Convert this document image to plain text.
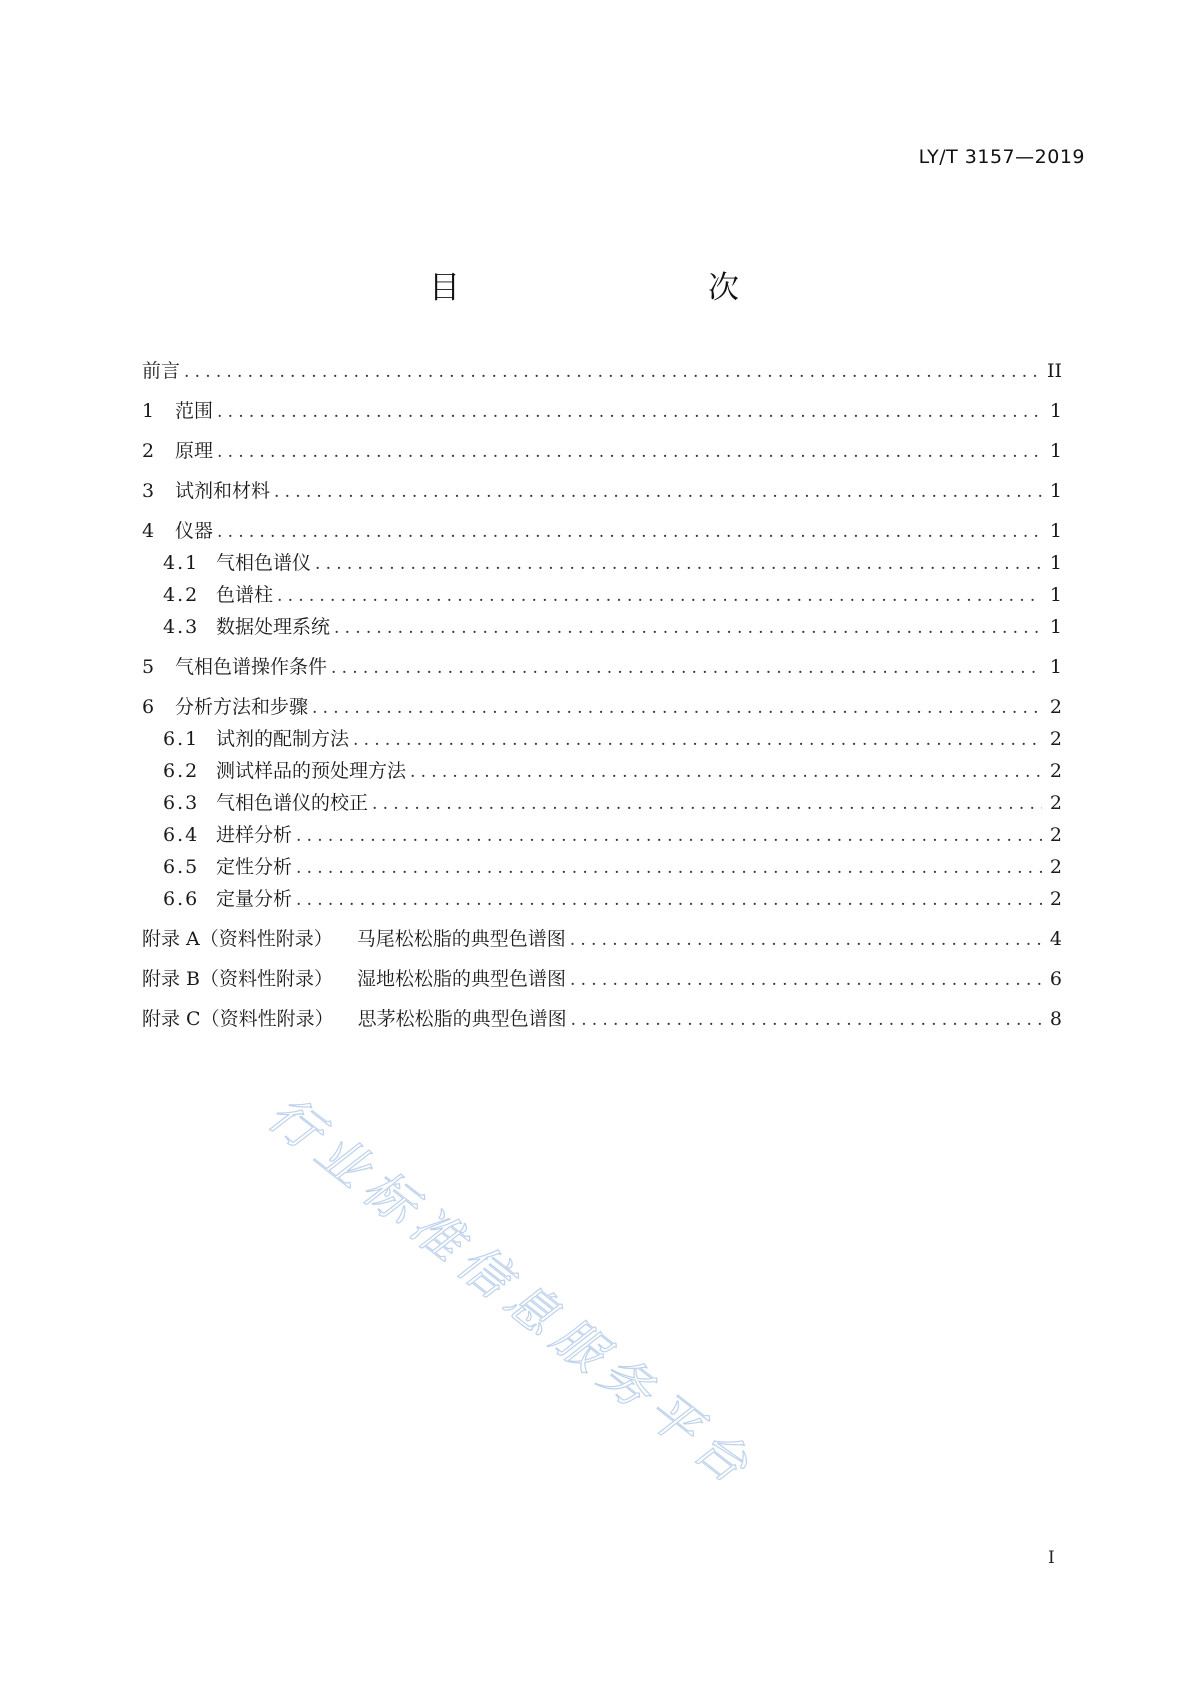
LY/T 3157—2019
目　　次
前言 .....	II
1	范围 .....	1
2	原理 .....	1
3	试剂和材料 .....	1
4	仪器 .....	1
4.1 气相色谱仪 .....	1
4.2 色谱柱 .....	1
4.3 数据处理系统 .....	1
5	气相色谱操作条件 .....	1
6	分析方法和步骤 .....	2
6.1 试剂的配制方法 .....	2
6.2 测试样品的预处理方法 .....	2
6.3 气相色谱仪的校正 .....	2
6.4 进样分析 .....	2
6.5 定性分析 .....	2
6.6 定量分析 .....	2
附录 A（资料性附录） 马尾松松脂的典型色谱图 .....	4
附录 B（资料性附录） 湿地松松脂的典型色谱图 .....	6
附录 C（资料性附录） 思茅松松脂的典型色谱图 .....	8
I
行业标准信息服务平台
